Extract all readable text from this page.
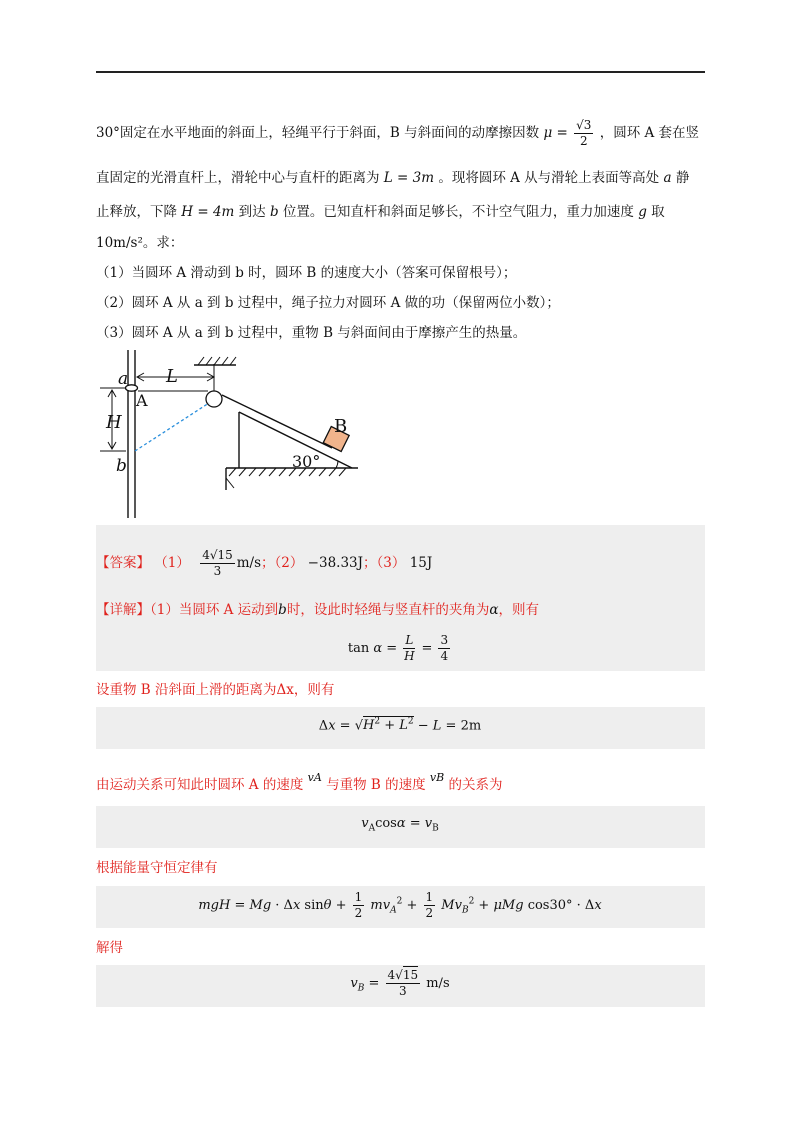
30°固定在水平地面的斜面上，轻绳平行于斜面，B 与斜面间的动摩擦因数 $\mu = \frac{√3}{2}$ ，圆环 A 套在竖
直固定的光滑直杆上，滑轮中心与直杆的距离为 L = 3m 。现将圆环 A 从与滑轮上表面等高处 a 静
止释放，下降 H = 4m 到达 b 位置。已知直杆和斜面足够长，不计空气阻力，重力加速度 g 取
10m/s²。求：
（1）当圆环 A 滑动到 b 时，圆环 B 的速度大小（答案可保留根号）；
（2）圆环 A 从 a 到 b 过程中，绳子拉力对圆环 A 做的功（保留两位小数）；
（3）圆环 A 从 a 到 b 过程中，重物 B 与斜面间由于摩擦产生的热量。
H
a
A
b
L
B
30°
【答案】 $(1) \frac{4√15}{3} m/s$；（2） −38.33J；（3） 15J
【详解】（1）当圆环 A 运动到b时，设此时轻绳与竖直杆的夹角为α，则有
$\tan \alpha = \frac{L}{H} = \frac{3}{4}$
设重物 B 沿斜面上滑的距离为Δx，则有
$\Delta x = √H^2 + L^2 - L = 2m$
由运动关系可知此时圆环 A 的速度 $^{vA}$ 与重物 B 的速度 $^{vB}$ 的关系为
$v_A\cos\alpha = v_B$
根据能量守恒定律有
mgH = Mg · Δx $\sin\theta + \frac{1}{2} mv_A^2 + \frac{1}{2} Mv_B^2 + \mu Mg$ cos30° · Δx
解得
$v_B = \frac{4√15}{3} m/s$
